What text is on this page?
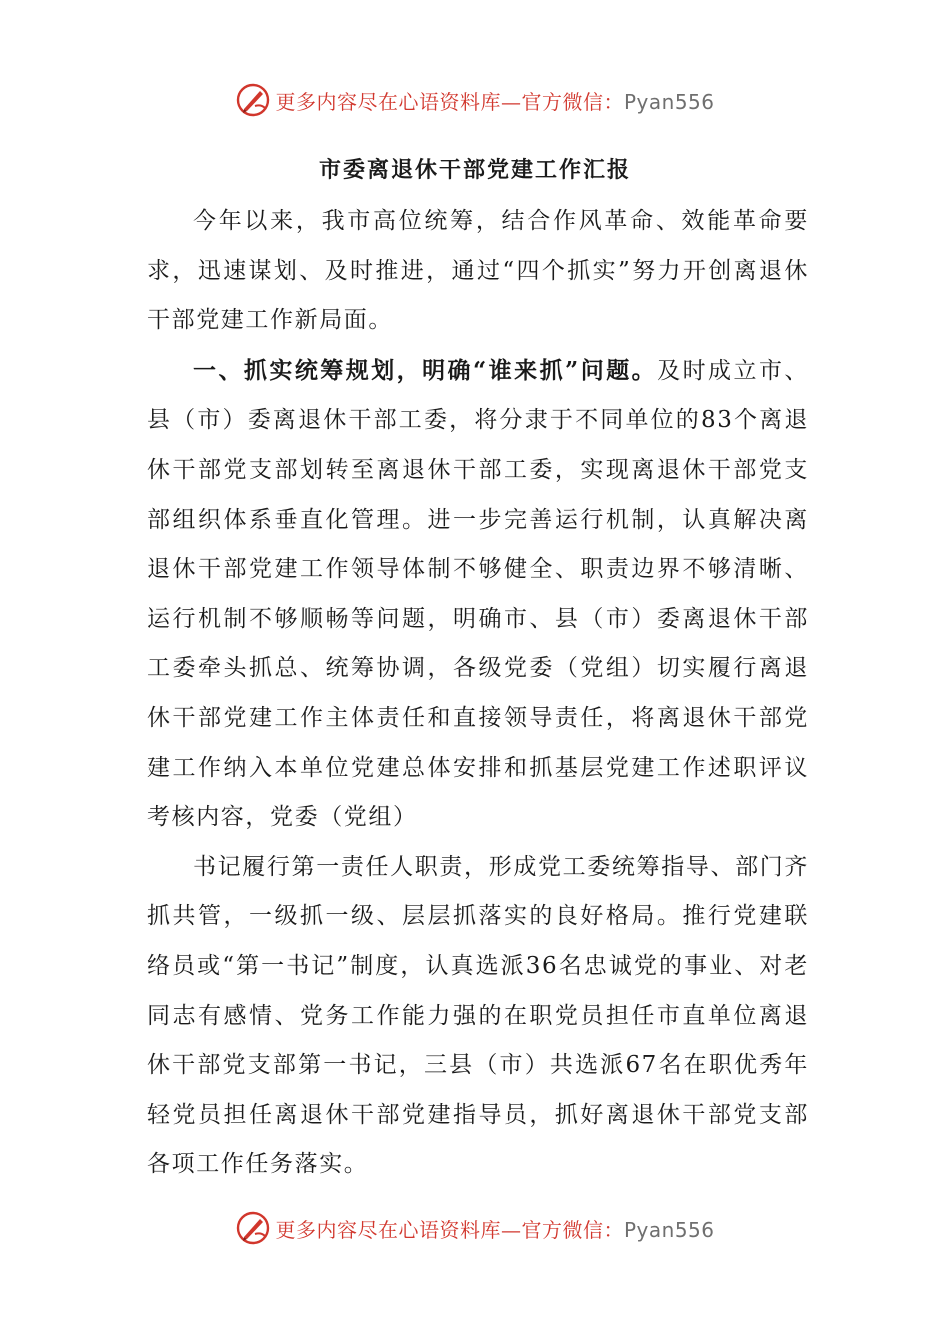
更多内容尽在心语资料库—官方微信：Pyan556
市委离退休干部党建工作汇报

今年以来，我市高位统筹，结合作风革命、效能革命要求，迅速谋划、及时推进，通过“四个抓实”努力开创离退休干部党建工作新局面。

一、抓实统筹规划，明确“谁来抓”问题。及时成立市、县（市）委离退休干部工委，将分隶于不同单位的83个离退休干部党支部划转至离退休干部工委，实现离退休干部党支部组织体系垂直化管理。进一步完善运行机制，认真解决离退休干部党建工作领导体制不够健全、职责边界不够清晰、运行机制不够顺畅等问题，明确市、县（市）委离退休干部工委牵头抓总、统筹协调，各级党委（党组）切实履行离退休干部党建工作主体责任和直接领导责任，将离退休干部党建工作纳入本单位党建总体安排和抓基层党建工作述职评议考核内容，党委（党组）

书记履行第一责任人职责，形成党工委统筹指导、部门齐抓共管，一级抓一级、层层抓落实的良好格局。推行党建联络员或“第一书记”制度，认真选派36名忠诚党的事业、对老同志有感情、党务工作能力强的在职党员担任市直单位离退休干部党支部第一书记，三县（市）共选派67名在职优秀年轻党员担任离退休干部党建指导员，抓好离退休干部党支部各项工作任务落实。

更多内容尽在心语资料库—官方微信：Pyan556
